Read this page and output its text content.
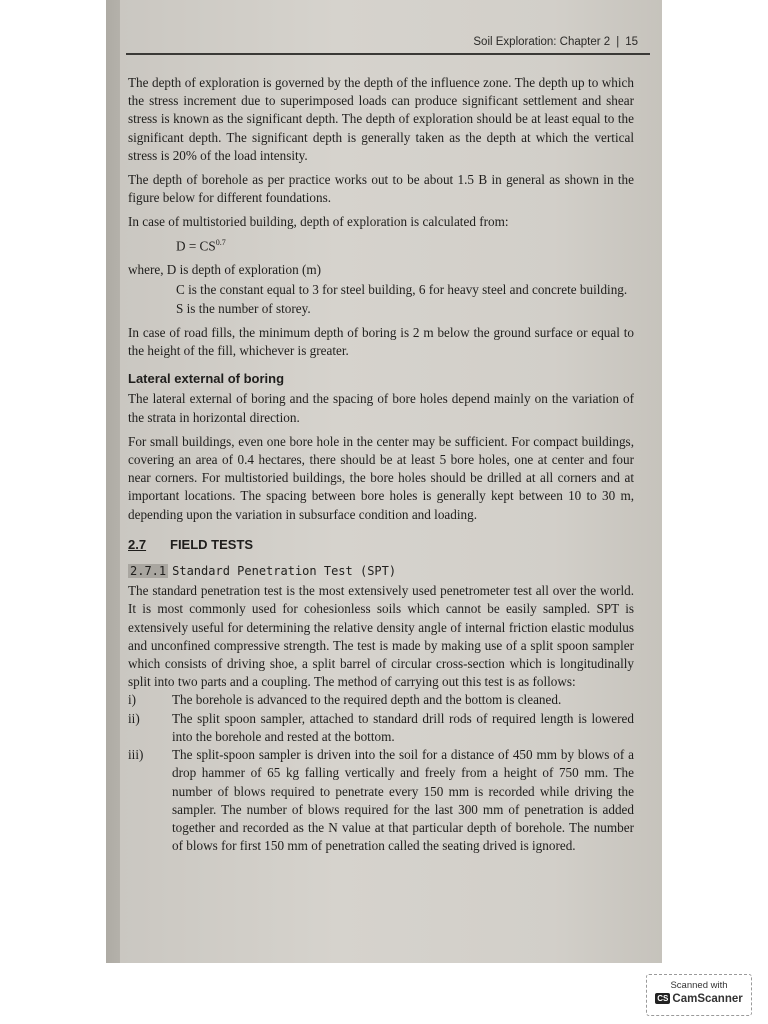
Soil Exploration: Chapter 2 | 15

The depth of exploration is governed by the depth of the influence zone. The depth up to which the stress increment due to superimposed loads can produce significant settlement and shear stress is known as the significant depth. The depth of exploration should be at least equal to the significant depth. The significant depth is generally taken as the depth at which the vertical stress is 20% of the load intensity.

The depth of borehole as per practice works out to be about 1.5 B in general as shown in the figure below for different foundations.

In case of multistoried building, depth of exploration is calculated from:

$D = CS^{0.7}$

where, D is depth of exploration (m)

C is the constant equal to 3 for steel building, 6 for heavy steel and concrete building.

S is the number of storey.

In case of road fills, the minimum depth of boring is 2 m below the ground surface or equal to the height of the fill, whichever is greater.

Lateral external of boring

The lateral external of boring and the spacing of bore holes depend mainly on the variation of the strata in horizontal direction.

For small buildings, even one bore hole in the center may be sufficient. For compact buildings, covering an area of 0.4 hectares, there should be at least 5 bore holes, one at center and four near corners. For multistoried buildings, the bore holes should be drilled at all corners and at important locations. The spacing between bore holes is generally kept between 10 to 30 m, depending upon the variation in subsurface condition and loading.

2.7 FIELD TESTS
2.7.1 Standard Penetration Test (SPT)

The standard penetration test is the most extensively used penetrometer test all over the world. It is most commonly used for cohesionless soils which cannot be easily sampled. SPT is extensively useful for determining the relative density angle of internal friction elastic modulus and unconfined compressive strength. The test is made by making use of a split spoon sampler which consists of driving shoe, a split barrel of circular cross-section which is longitudinally split into two parts and a coupling. The method of carrying out this test is as follows:

i)	The borehole is advanced to the required depth and the bottom is cleaned.
ii)	The split spoon sampler, attached to standard drill rods of required length is lowered into the borehole and rested at the bottom.
iii)	The split-spoon sampler is driven into the soil for a distance of 450 mm by blows of a drop hammer of 65 kg falling vertically and freely from a height of 750 mm. The number of blows required to penetrate every 150 mm is recorded while driving the sampler. The number of blows required for the last 300 mm of penetration is added together and recorded as the N value at that particular depth of borehole. The number of blows for first 150 mm of penetration called the seating drived is ignored.
Scanned with
CS CamScanner
